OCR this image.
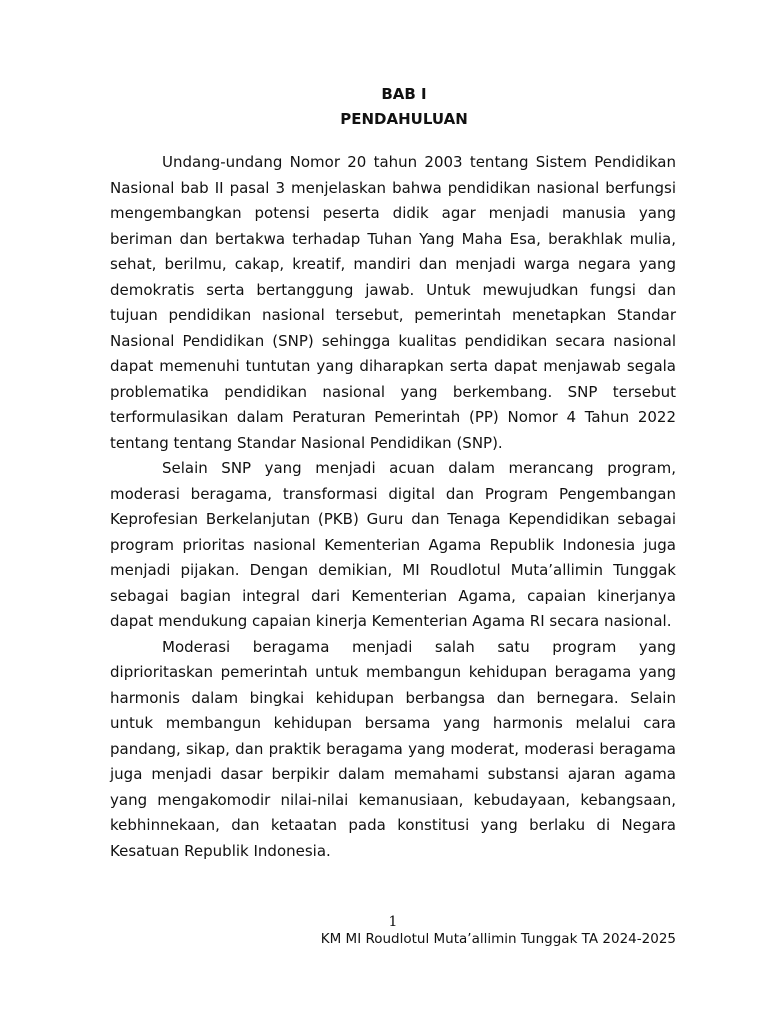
BAB I
PENDAHULUAN

Undang-undang Nomor 20 tahun 2003 tentang Sistem Pendidikan Nasional bab II pasal 3 menjelaskan bahwa pendidikan nasional berfungsi mengembangkan potensi peserta didik agar menjadi manusia yang beriman dan bertakwa terhadap Tuhan Yang Maha Esa, berakhlak mulia, sehat, berilmu, cakap, kreatif, mandiri dan menjadi warga negara yang demokratis serta bertanggung jawab. Untuk mewujudkan fungsi dan tujuan pendidikan nasional tersebut, pemerintah menetapkan Standar Nasional Pendidikan (SNP) sehingga kualitas pendidikan secara nasional dapat memenuhi tuntutan yang diharapkan serta dapat menjawab segala problematika pendidikan nasional yang berkembang. SNP tersebut terformulasikan dalam Peraturan Pemerintah (PP) Nomor 4 Tahun 2022 tentang tentang Standar Nasional Pendidikan (SNP).

Selain SNP yang menjadi acuan dalam merancang program, moderasi beragama, transformasi digital dan Program Pengembangan Keprofesian Berkelanjutan (PKB) Guru dan Tenaga Kependidikan sebagai program prioritas nasional Kementerian Agama Republik Indonesia juga menjadi pijakan. Dengan demikian, MI Roudlotul Muta’allimin Tunggak sebagai bagian integral dari Kementerian Agama, capaian kinerjanya dapat mendukung capaian kinerja Kementerian Agama RI secara nasional.

Moderasi beragama menjadi salah satu program yang diprioritaskan pemerintah untuk membangun kehidupan beragama yang harmonis dalam bingkai kehidupan berbangsa dan bernegara. Selain untuk membangun kehidupan bersama yang harmonis melalui cara pandang, sikap, dan praktik beragama yang moderat, moderasi beragama juga menjadi dasar berpikir dalam memahami substansi ajaran agama yang mengakomodir nilai-nilai kemanusiaan, kebudayaan, kebangsaan, kebhinnekaan, dan ketaatan pada konstitusi yang berlaku di Negara Kesatuan Republik Indonesia.

1
KM MI Roudlotul Muta’allimin Tunggak TA 2024-2025
